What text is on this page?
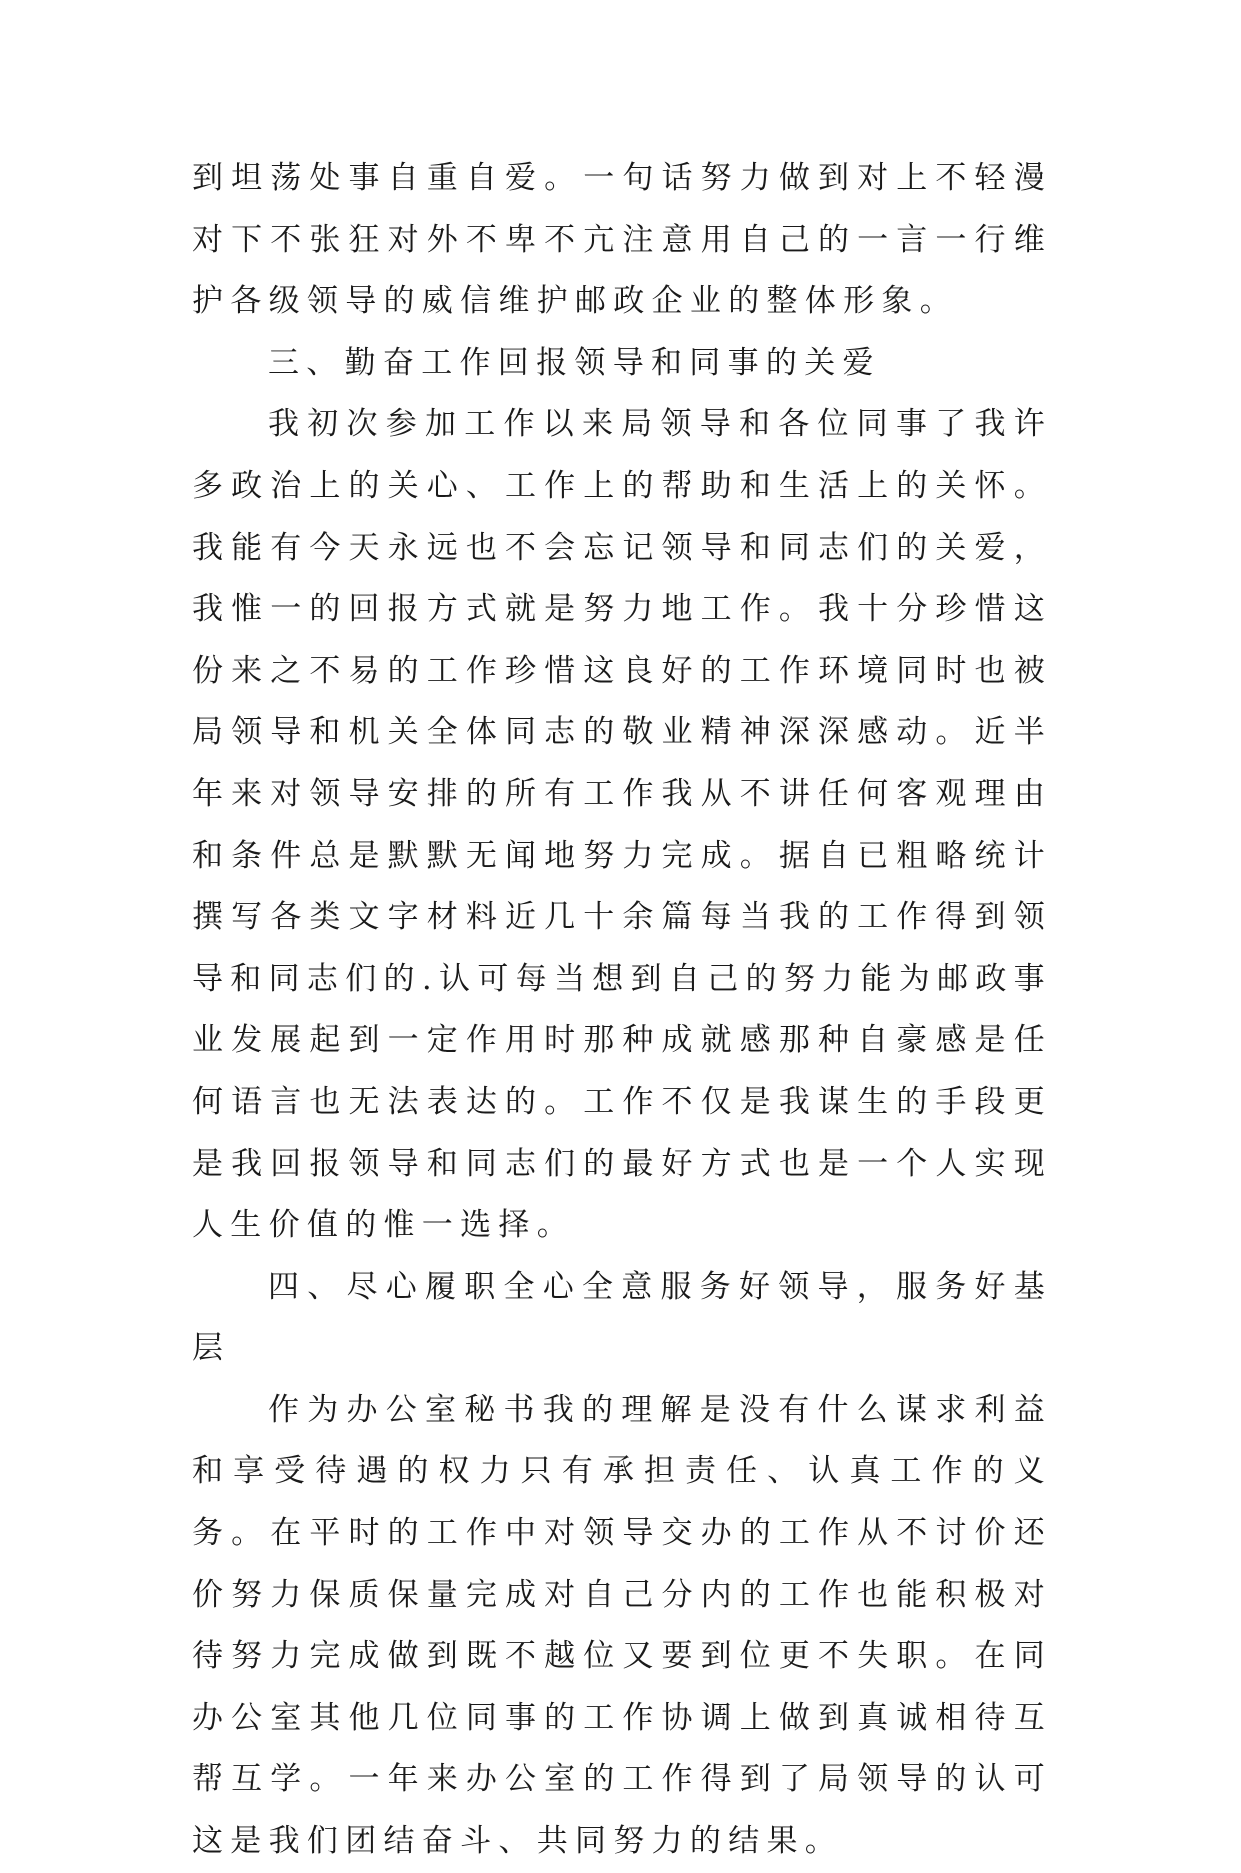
到坦荡处事自重自爱。一句话努力做到对上不轻漫对下不张狂对外不卑不亢注意用自己的一言一行维护各级领导的威信维护邮政企业的整体形象。

三、勤奋工作回报领导和同事的关爱

我初次参加工作以来局领导和各位同事了我许多政治上的关心、工作上的帮助和生活上的关怀。我能有今天永远也不会忘记领导和同志们的关爱，我惟一的回报方式就是努力地工作。我十分珍惜这份来之不易的工作珍惜这良好的工作环境同时也被局领导和机关全体同志的敬业精神深深感动。近半年来对领导安排的所有工作我从不讲任何客观理由和条件总是默默无闻地努力完成。据自已粗略统计撰写各类文字材料近几十余篇每当我的工作得到领导和同志们的.认可每当想到自己的努力能为邮政事业发展起到一定作用时那种成就感那种自豪感是任何语言也无法表达的。工作不仅是我谋生的手段更是我回报领导和同志们的最好方式也是一个人实现人生价值的惟一选择。

四、尽心履职全心全意服务好领导，服务好基层

作为办公室秘书我的理解是没有什么谋求利益和享受待遇的权力只有承担责任、认真工作的义务。在平时的工作中对领导交办的工作从不讨价还价努力保质保量完成对自己分内的工作也能积极对待努力完成做到既不越位又要到位更不失职。在同办公室其他几位同事的工作协调上做到真诚相待互帮互学。一年来办公室的工作得到了局领导的认可这是我们团结奋斗、共同努力的结果。
